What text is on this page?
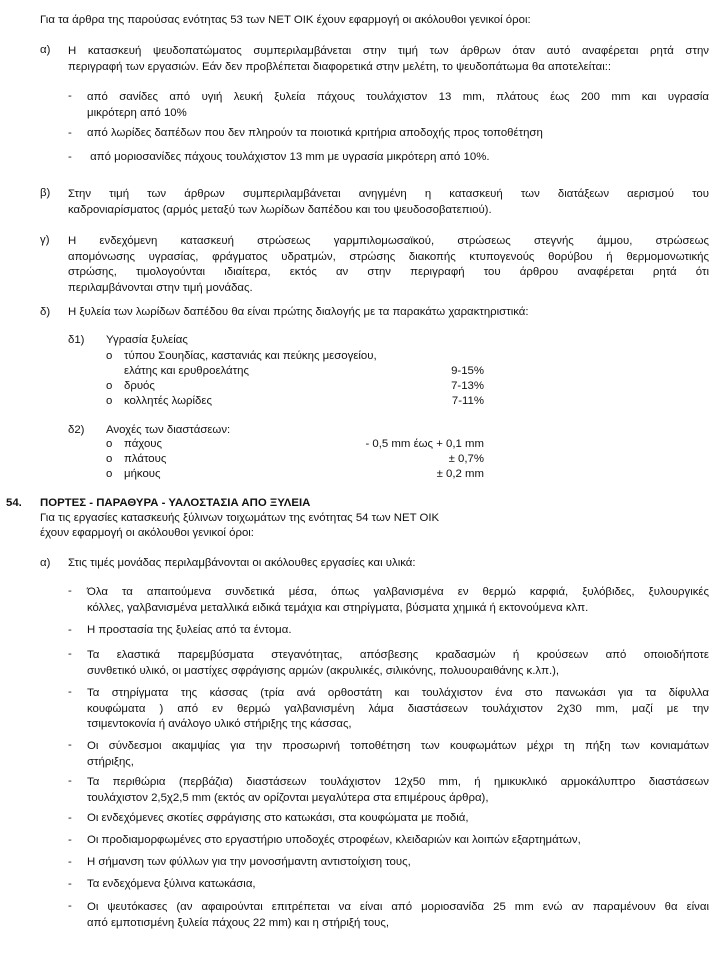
Για τα άρθρα της παρούσας ενότητας 53 των ΝΕΤ ΟΙΚ έχουν εφαρμογή οι ακόλουθοι γενικοί όροι:
α) Η κατασκευή ψευδοπατώματος συμπεριλαμβάνεται στην τιμή των άρθρων όταν αυτό αναφέρεται ρητά στην
περιγραφή των εργασιών. Εάν δεν προβλέπεται διαφορετικά στην μελέτη, το ψευδοπάτωμα θα αποτελείται::
- από σανίδες από υγιή λευκή ξυλεία πάχους τουλάχιστον 13 mm, πλάτους έως 200 mm και υγρασία
μικρότερη από 10%
- από λωρίδες δαπέδων που δεν πληρούν τα ποιοτικά κριτήρια αποδοχής προς τοποθέτηση
- από μοριοσανίδες πάχους τουλάχιστον 13 mm με υγρασία μικρότερη από 10%.
β) Στην τιμή των άρθρων συμπεριλαμβάνεται ανηγμένη η κατασκευή των διατάξεων αερισμού του
καδρονιαρίσματος (αρμός μεταξύ των λωρίδων δαπέδου και του ψευδοσοβατεπιού).
γ) Η ενδεχόμενη κατασκευή στρώσεως γαρμπιλομωσαϊκού, στρώσεως στεγνής άμμου, στρώσεως
απομόνωσης υγρασίας, φράγματος υδρατμών, στρώσης διακοπής κτυπογενούς θορύβου ή θερμομονωτικής
στρώσης, τιμολογούνται ιδιαίτερα, εκτός αν στην περιγραφή του άρθρου αναφέρεται ρητά ότι
περιλαμβάνονται στην τιμή μονάδας.
δ) Η ξυλεία των λωρίδων δαπέδου θα είναι πρώτης διαλογής με τα παρακάτω χαρακτηριστικά:
δ1) Υγρασία ξυλείας
ο τύπου Σουηδίας, καστανιάς και πεύκης μεσογείου,
ελάτης και ερυθροελάτης	9-15%
ο δρυός	7-13%
ο κολλητές λωρίδες	7-11%
δ2) Ανοχές των διαστάσεων:
ο πάχους	- 0,5 mm έως + 0,1 mm
ο πλάτους	± 0,7%
ο μήκους	± 0,2 mm
54. ΠΟΡΤΕΣ - ΠΑΡΑΘΥΡΑ - ΥΑΛΟΣΤΑΣΙΑ ΑΠΟ ΞΥΛΕΙΑ
Για τις εργασίες κατασκευής ξύλινων τοιχωμάτων της ενότητας 54 των ΝΕΤ ΟΙΚ
έχουν εφαρμογή οι ακόλουθοι γενικοί όροι:
α) Στις τιμές μονάδας περιλαμβάνονται οι ακόλουθες εργασίες και υλικά:
- Όλα τα απαιτούμενα συνδετικά μέσα, όπως γαλβανισμένα εν θερμώ καρφιά, ξυλόβιδες, ξυλουργικές
κόλλες, γαλβανισμένα μεταλλικά ειδικά τεμάχια και στηρίγματα, βύσματα χημικά ή εκτονούμενα κλπ.
- Η προστασία της ξυλείας από τα έντομα.
- Τα ελαστικά παρεμβύσματα στεγανότητας, απόσβεσης κραδασμών ή κρούσεων από οποιοδήποτε
συνθετικό υλικό, οι μαστίχες σφράγισης αρμών (ακρυλικές, σιλικόνης, πολυουραιθάνης κ.λπ.),
- Τα στηρίγματα της κάσσας (τρία ανά ορθοστάτη και τουλάχιστον ένα στο πανωκάσι για τα δίφυλλα
κουφώματα ) από εν θερμώ γαλβανισμένη λάμα διαστάσεων τουλάχιστον 2χ30 mm, μαζί με την
τσιμεντοκονία ή ανάλογο υλικό στήριξης της κάσσας,
- Οι σύνδεσμοι ακαμψίας για την προσωρινή τοποθέτηση των κουφωμάτων μέχρι τη πήξη των κονιαμάτων
στήριξης,
- Τα περιθώρια (περβάζια) διαστάσεων τουλάχιστον 12χ50 mm, ή ημικυκλικό αρμοκάλυπτρο διαστάσεων
τουλάχιστον 2,5χ2,5 mm (εκτός αν ορίζονται μεγαλύτερα στα επιμέρους άρθρα),
- Οι ενδεχόμενες σκοτίες σφράγισης στο κατωκάσι, στα κουφώματα με ποδιά,
- Οι προδιαμορφωμένες στο εργαστήριο υποδοχές στροφέων, κλειδαριών και λοιπών εξαρτημάτων,
- Η σήμανση των φύλλων για την μονοσήμαντη αντιστοίχιση τους,
- Τα ενδεχόμενα ξύλινα κατωκάσια,
- Οι ψευτόκασες (αν αφαιρούνται επιτρέπεται να είναι από μοριοσανίδα 25 mm ενώ αν παραμένουν θα είναι
από εμποτισμένη ξυλεία πάχους 22 mm) και η στήριξή τους,
